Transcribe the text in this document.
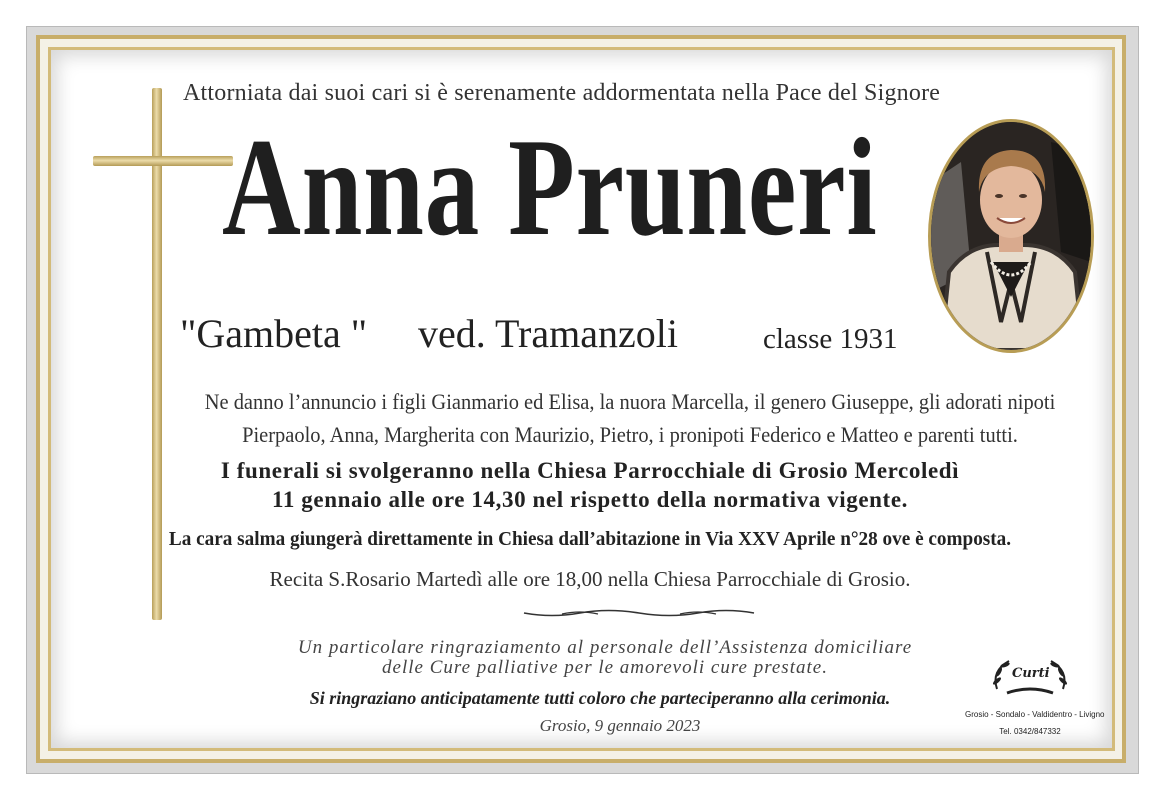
Attorniata dai suoi cari si è serenamente addormentata nella Pace del Signore
Anna Pruneri
"Gambeta " ved. Tramanzoli	classe 1931
Ne danno l’annuncio i figli Gianmario ed Elisa, la nuora Marcella, il genero Giuseppe, gli adorati nipoti Pierpaolo, Anna, Margherita con Maurizio, Pietro, i pronipoti Federico e Matteo e parenti tutti.
I funerali si svolgeranno nella Chiesa Parrocchiale di Grosio Mercoledì
11 gennaio alle ore 14,30 nel rispetto della normativa vigente.
La cara salma giungerà direttamente in Chiesa dall’abitazione in Via XXV Aprile n°28 ove è composta.
Recita S.Rosario Martedì alle ore 18,00 nella Chiesa Parrocchiale di Grosio.
Un particolare ringraziamento al personale dell’Assistenza domiciliare
delle Cure palliative per le amorevoli cure prestate.
Si ringraziano anticipatamente tutti coloro che parteciperanno alla cerimonia.
Grosio, 9 gennaio 2023
Curti
Grosio - Sondalo - Valdidentro - Livigno
Tel. 0342/847332
